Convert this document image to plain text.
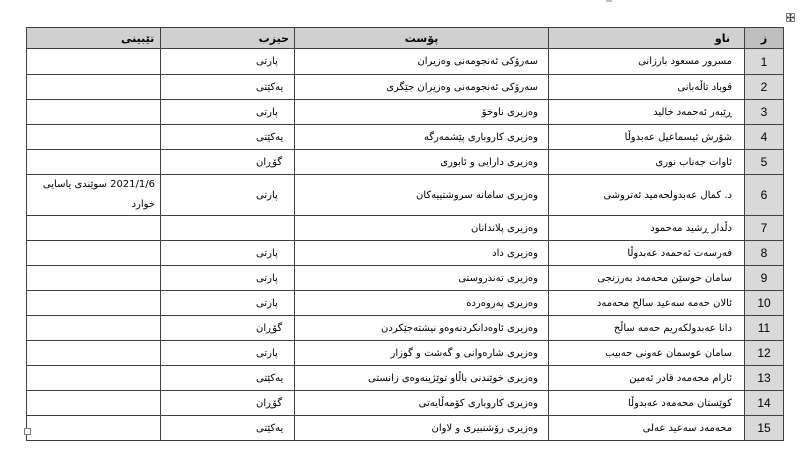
ز	ناو	پۆست	حیزب	تێبینی
1	مسرور مسعود بارزانی	سەرۆکی ئەنجومەنی وەزیران	پارتی	
2	قوباد تاڵەبانی	سەرۆکی ئەنجومەنی وەزیران جێگری	یەکێتی	
3	ڕێبەر ئەحمەد خالید	وەزیری ناوخۆ	پارتی	
4	شۆرش ئیسماعیل عەبدوڵا	وەزیری کاروباری پێشمەرگە	یەکێتی	
5	ئاوات جەناب نوری	وەزیری دارایی و ئابوری	گۆڕان	
6	د. کمال عەبدولحەمید ئەتروشی	وەزیری سامانە سروشتییەکان	پارتی	2021/1/6 سوێندی یاسایی خوارد
7	دڵدار ڕشید مەحمود	وەزیری پلاندانان		
8	فەرسەت ئەحمەد عەبدوڵا	وەزیری داد	پارتی	
9	سامان حوسێن محەمەد بەرزنجی	وەزیری تەندروستی	پارتی	
10	ئالان حەمە سەعید سالح محەمەد	وەزیری پەروەردە	پارتی	
11	دانا عەبدولکەریم حەمە ساڵح	وەزیری ئاوەدانکردنەوەو نیشتەجێکردن	گۆڕان	
12	سامان عوسمان عەونی حەبیب	وەزیری شارەوانی و گەشت و گوزار	پارتی	
13	ئارام محەمەد قادر ئەمین	وەزیری خوێندنی باڵاو توێژینەوەی زانستی	یەکێتی	
14	کوێستان محەمەد عەبدوڵا	وەزیری کاروباری کۆمەڵایەتی	گۆڕان	
15	محەمەد سەعید عەلی	وەزیری رۆشنبیری و لاوان	یەکێتی	
